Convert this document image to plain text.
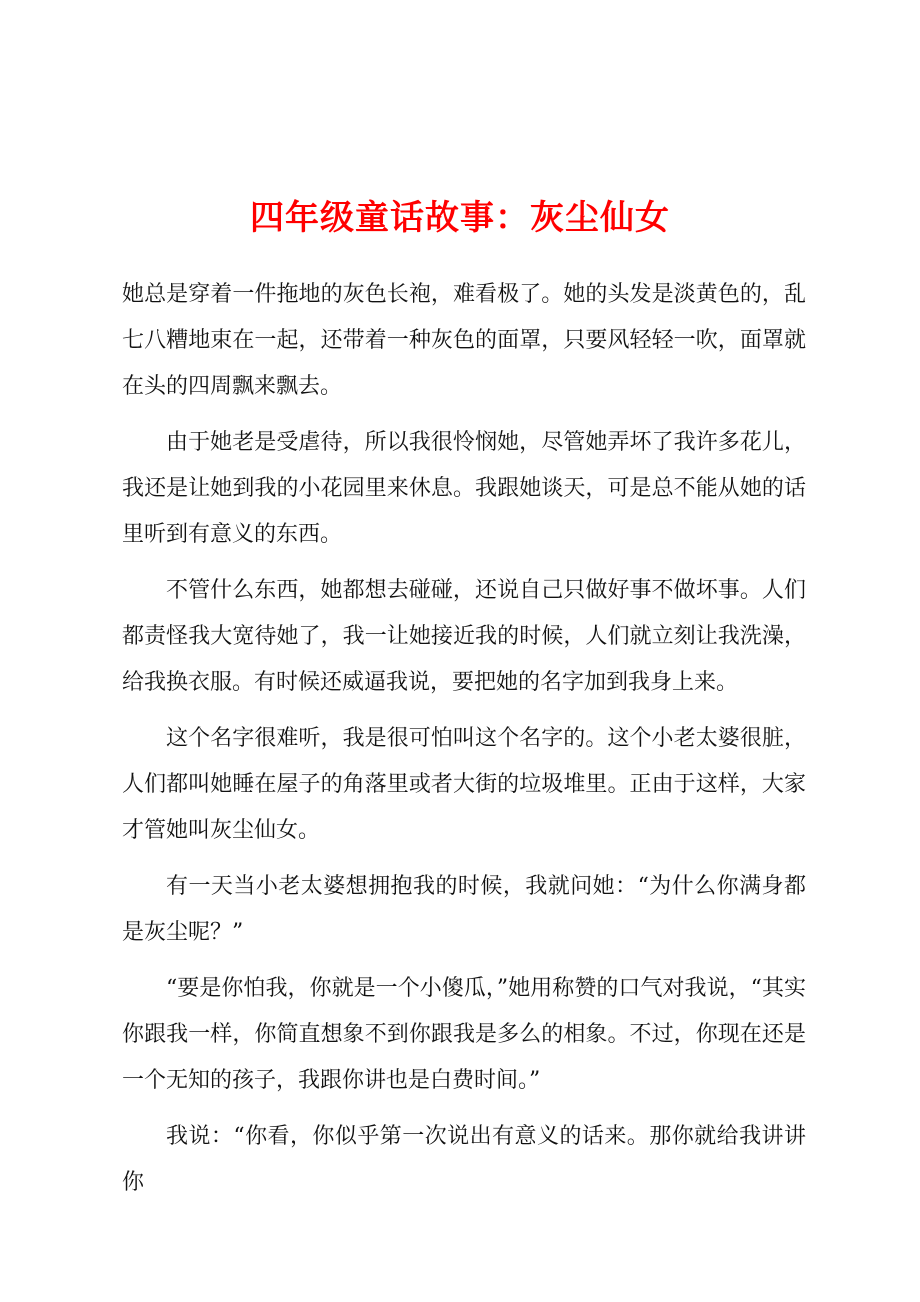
四年级童话故事：灰尘仙女

她总是穿着一件拖地的灰色长袍，难看极了。她的头发是淡黄色的，乱七八糟地束在一起，还带着一种灰色的面罩，只要风轻轻一吹，面罩就在头的四周飘来飘去。

由于她老是受虐待，所以我很怜悯她，尽管她弄坏了我许多花儿，我还是让她到我的小花园里来休息。我跟她谈天，可是总不能从她的话里听到有意义的东西。

不管什么东西，她都想去碰碰，还说自己只做好事不做坏事。人们都责怪我大宽待她了，我一让她接近我的时候，人们就立刻让我洗澡，给我换衣服。有时候还威逼我说，要把她的名字加到我身上来。

这个名字很难听，我是很可怕叫这个名字的。这个小老太婆很脏，人们都叫她睡在屋子的角落里或者大街的垃圾堆里。正由于这样，大家才管她叫灰尘仙女。

有一天当小老太婆想拥抱我的时候，我就问她：“为什么你满身都是灰尘呢？”

“要是你怕我，你就是一个小傻瓜，”她用称赞的口气对我说，“其实你跟我一样，你简直想象不到你跟我是多么的相象。不过，你现在还是一个无知的孩子，我跟你讲也是白费时间。”

我说：“你看，你似乎第一次说出有意义的话来。那你就给我讲讲你
